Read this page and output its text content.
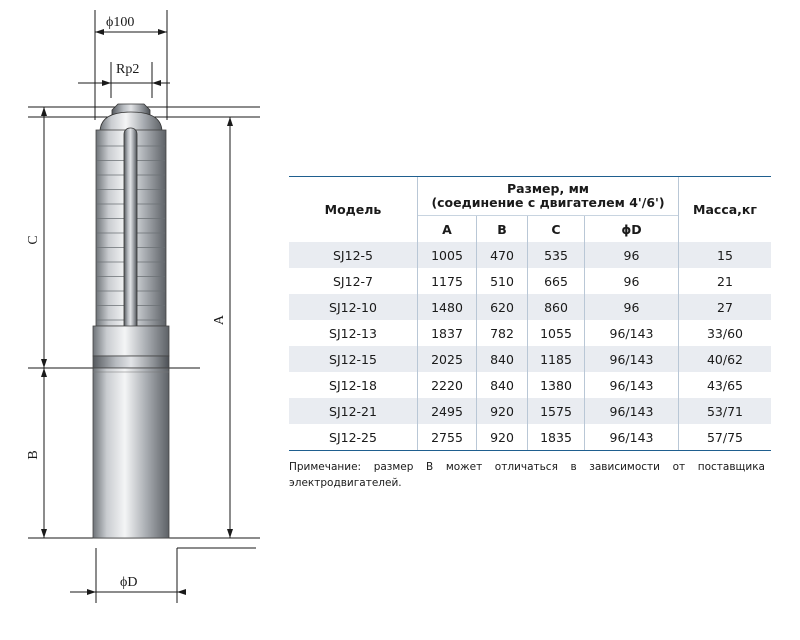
ϕ100
Rp2
C
B
A
ϕD
Модель	Размер, мм
(соединение с двигателем 4'/6')				Масса,кг
	A	B	C	ϕD	
SJ12-5	1005	470	535	96	15
SJ12-7	1175	510	665	96	21
SJ12-10	1480	620	860	96	27
SJ12-13	1837	782	1055	96/143	33/60
SJ12-15	2025	840	1185	96/143	40/62
SJ12-18	2220	840	1380	96/143	43/65
SJ12-21	2495	920	1575	96/143	53/71
SJ12-25	2755	920	1835	96/143	57/75
Примечание: размер B может отличаться в зависимости от поставщика электродвигателей.
